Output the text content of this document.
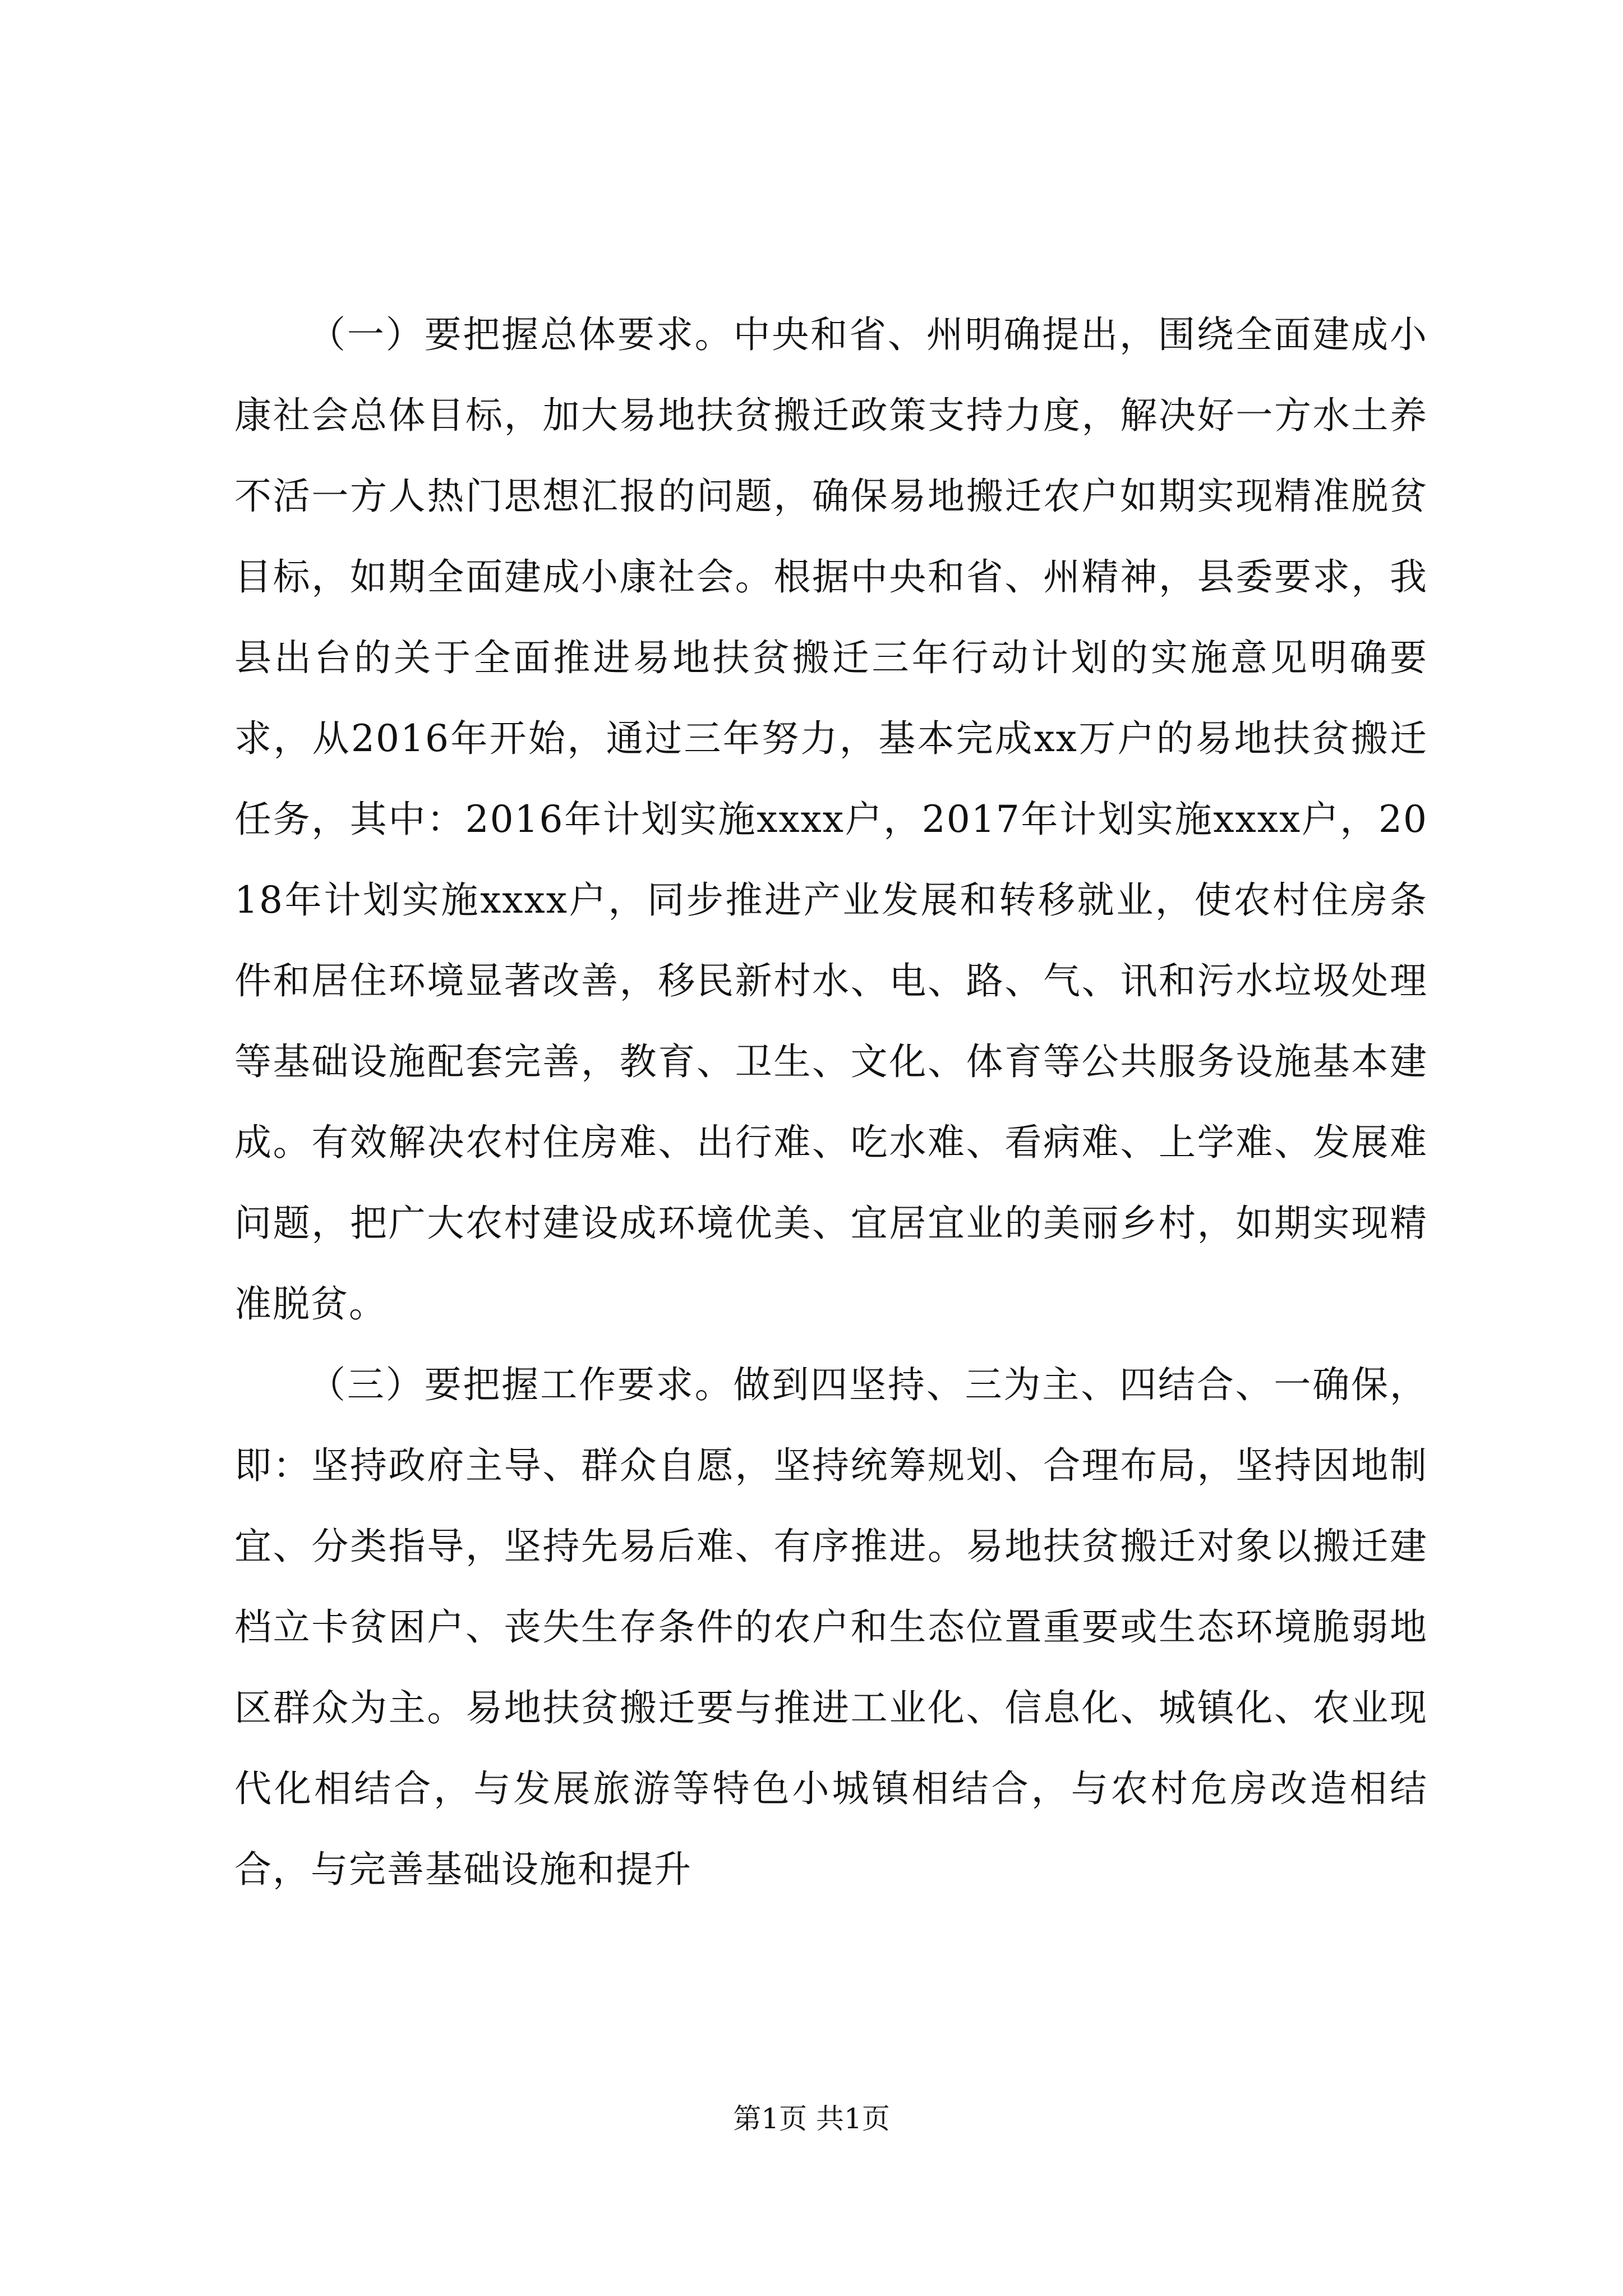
（一）要把握总体要求。中央和省、州明确提出，围绕全面建成小康社会总体目标，加大易地扶贫搬迁政策支持力度，解决好一方水土养不活一方人热门思想汇报的问题，确保易地搬迁农户如期实现精准脱贫目标，如期全面建成小康社会。根据中央和省、州精神，县委要求，我县出台的关于全面推进易地扶贫搬迁三年行动计划的实施意见明确要求，从2016年开始，通过三年努力，基本完成xx万户的易地扶贫搬迁任务，其中：2016年计划实施xxxx户，2017年计划实施xxxx户，2018年计划实施xxxx户，同步推进产业发展和转移就业，使农村住房条件和居住环境显著改善，移民新村水、电、路、气、讯和污水垃圾处理等基础设施配套完善，教育、卫生、文化、体育等公共服务设施基本建成。有效解决农村住房难、出行难、吃水难、看病难、上学难、发展难问题，把广大农村建设成环境优美、宜居宜业的美丽乡村，如期实现精准脱贫。

（三）要把握工作要求。做到四坚持、三为主、四结合、一确保，即：坚持政府主导、群众自愿，坚持统筹规划、合理布局，坚持因地制宜、分类指导，坚持先易后难、有序推进。易地扶贫搬迁对象以搬迁建档立卡贫困户、丧失生存条件的农户和生态位置重要或生态环境脆弱地区群众为主。易地扶贫搬迁要与推进工业化、信息化、城镇化、农业现代化相结合，与发展旅游等特色小城镇相结合，与农村危房改造相结合，与完善基础设施和提升

第1页 共1页
